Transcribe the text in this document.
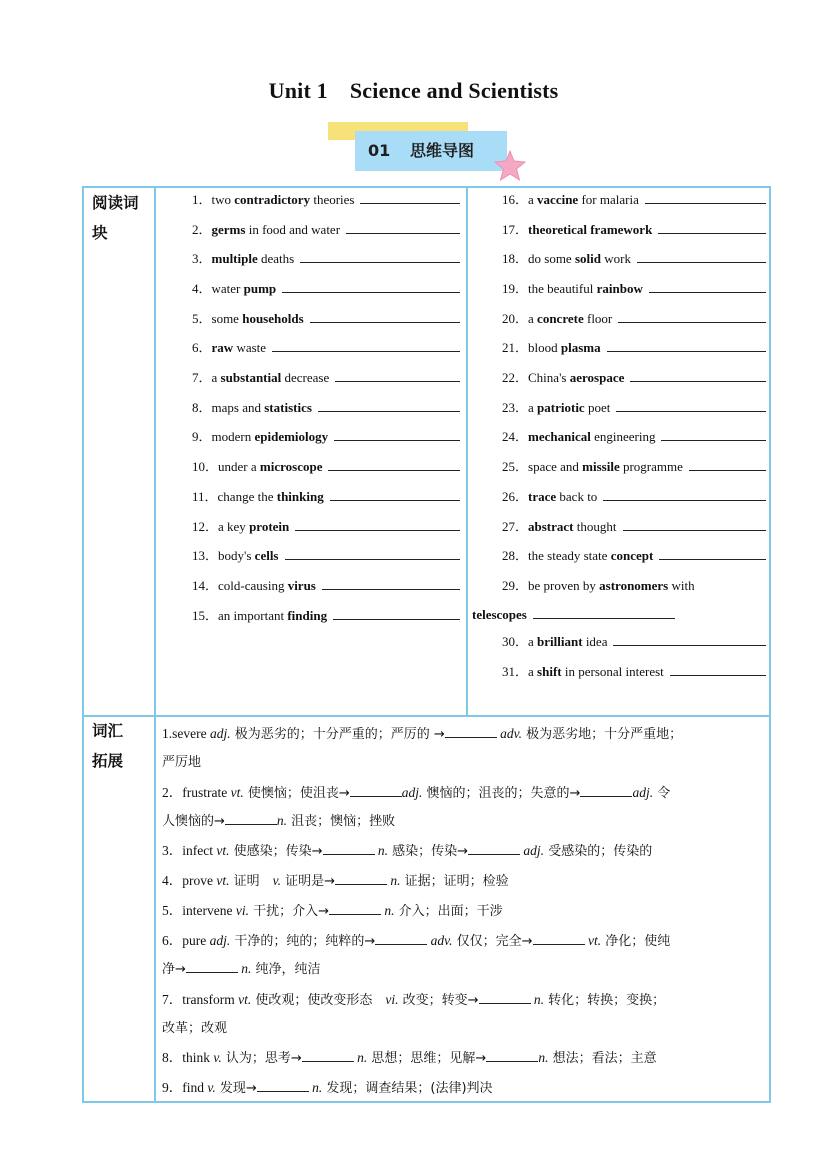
Unit 1 Science and Scientists
01 思维导图
阅读词
块
词汇
拓展
1．two contradictory theories
2．germs in food and water
3．multiple deaths
4．water pump
5．some households
6．raw waste
7．a substantial decrease
8．maps and statistics
9．modern epidemiology
10．under a microscope
11．change the thinking
12．a key protein
13．body's cells
14．cold-causing virus
15．an important finding
16．a vaccine for malaria
17．theoretical framework
18．do some solid work
19．the beautiful rainbow
20．a concrete floor
21．blood plasma
22．China's aerospace
23．a patriotic poet
24．mechanical engineering
25．space and missile programme
26．trace back to
27．abstract thought
28．the steady state concept
29．be proven by astronomers with
telescopes
30．a brilliant idea
31．a shift in personal interest
1.severe adj. 极为恶劣的；十分严重的；严厉的 →	adv. 极为恶劣地；十分严重地；
严厉地
2．frustrate vt. 使懊恼；使沮丧→	adj. 懊恼的；沮丧的；失意的→	adj. 令
人懊恼的→	n. 沮丧；懊恼；挫败
3．infect vt. 使感染；传染→	n. 感染；传染→	adj. 受感染的；传染的
4．prove vt. 证明　v. 证明是→	n. 证据；证明；检验
5．intervene vi. 干扰；介入→	n. 介入；出面；干涉
6．pure adj. 干净的；纯的；纯粹的→	adv. 仅仅；完全→	vt. 净化；使纯
净→	n. 纯净，纯洁
7．transform vt. 使改观；使改变形态　vi. 改变；转变→	n. 转化；转换；变换；
改革；改观
8．think v. 认为；思考→	n. 思想；思维；见解→	n. 想法；看法；主意
9．find v. 发现→	n. 发现；调查结果；(法律)判决
